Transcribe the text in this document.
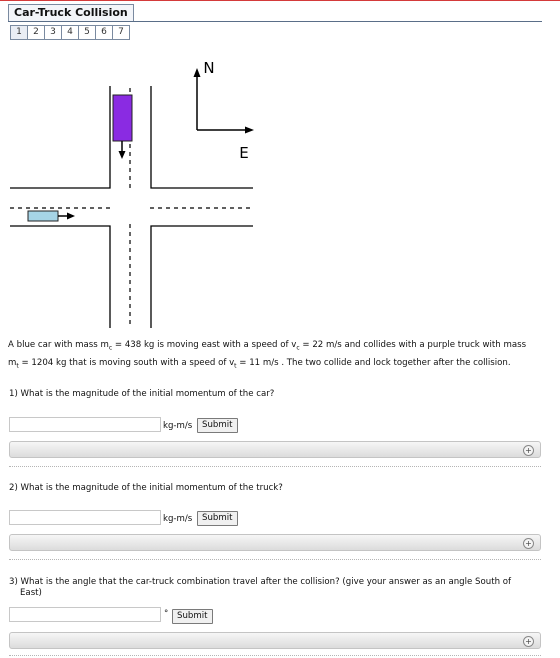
Car-Truck Collision
1	2	3	4	5	6	7
N
E
A blue car with mass $m_c = 438$ kg is moving east with a speed of $v_c = 22$ m/s and collides with a purple truck with mass
$m_t = 1204$ kg that is moving south with a speed of $v_t = 11$ m/s . The two collide and lock together after the collision.
1) What is the magnitude of the initial momentum of the car?
kg-m/s	Submit
+
2) What is the magnitude of the initial momentum of the truck?
kg-m/s	Submit
+
3) What is the angle that the car-truck combination travel after the collision? (give your answer as an angle South of
East)
°	Submit
+
